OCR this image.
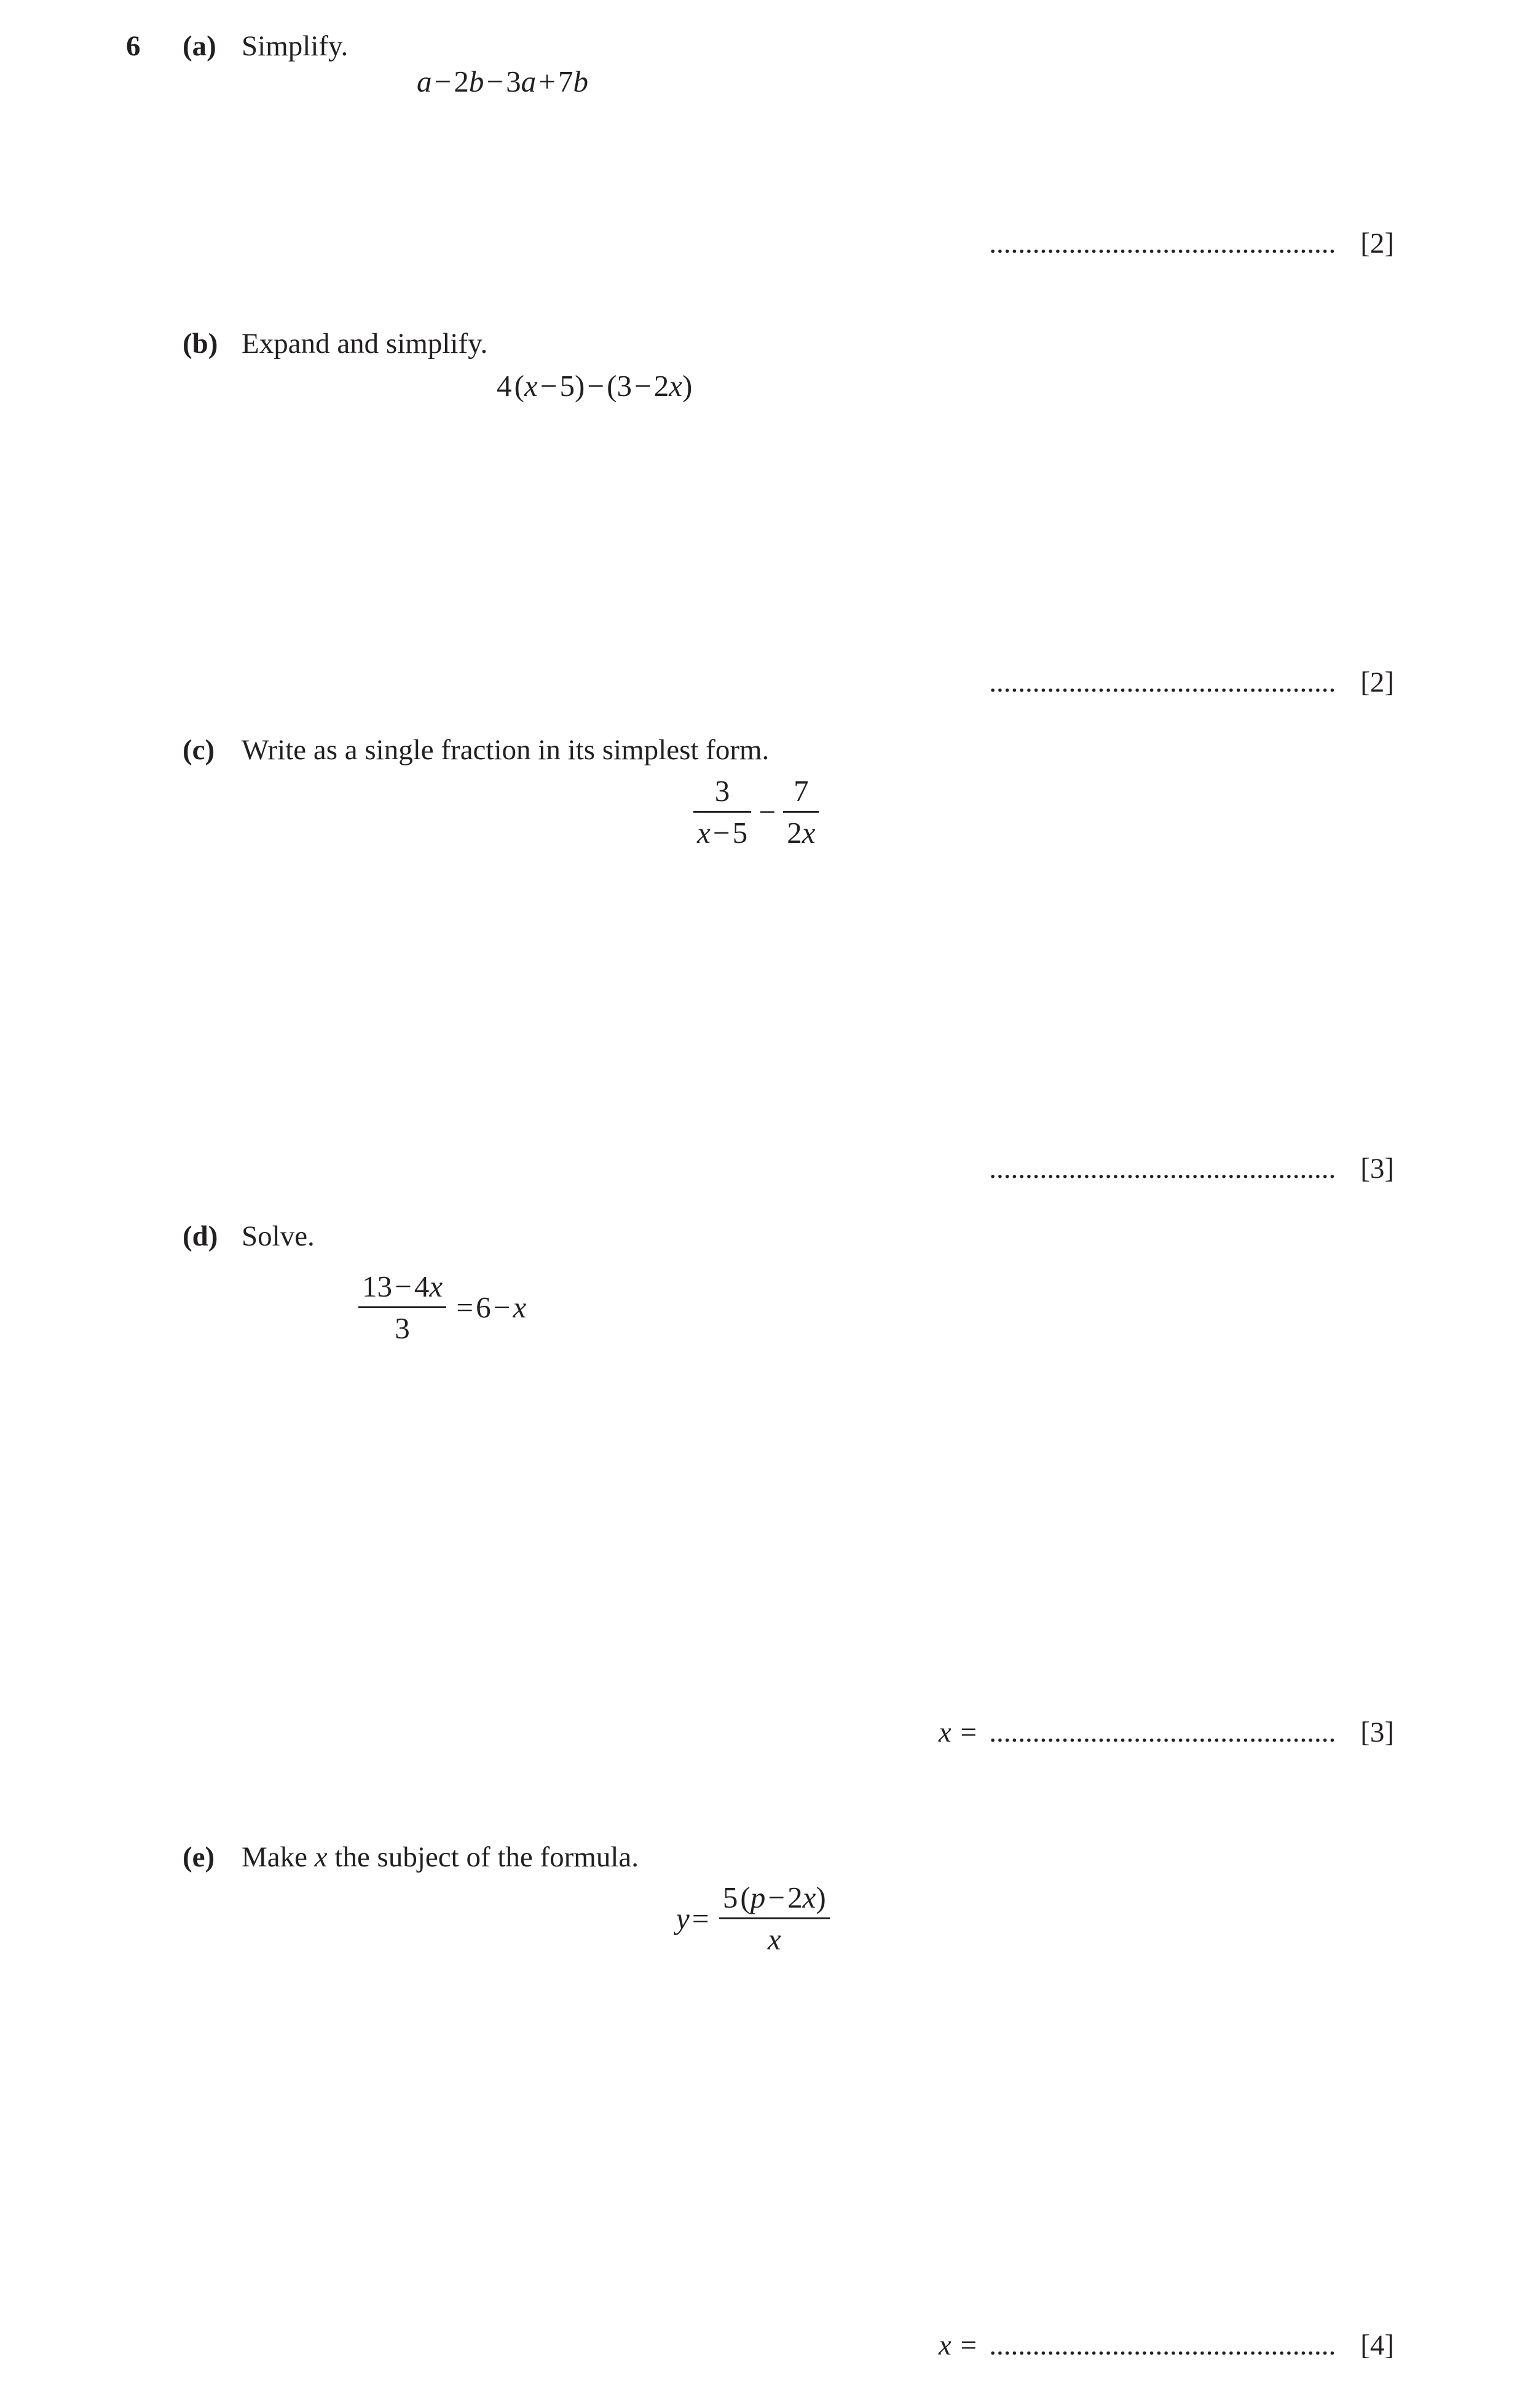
6 (a) Simplify.
a − 2b − 3a + 7b
................................................ [2]
(b) Expand and simplify.
4 (x − 5) − (3 − 2x)
................................................ [2]
(c) Write as a single fraction in its simplest form.
$\frac{3}{x - 5} - \frac{7}{2x}$
................................................ [3]
(d) Solve.
$\frac{13 - 4x}{3}$  = 6 − x
x = ................................................ [3]
(e) Make x the subject of the formula.
y =  $\frac{5 (p - 2x)}{x}$
x = ................................................ [4]
